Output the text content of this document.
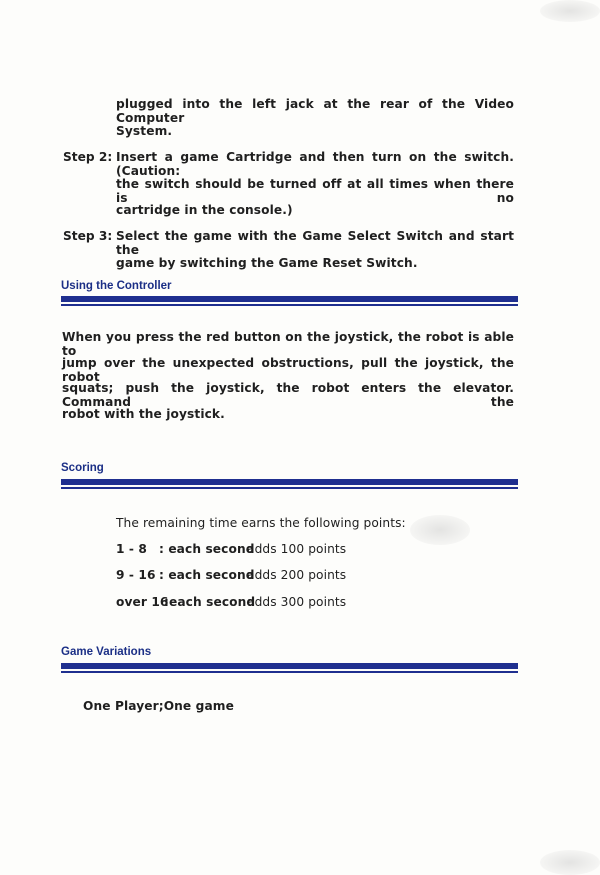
plugged into the left jack at the rear of the Video Computer
System.
Step 2: Insert a game Cartridge and then turn on the switch. (Caution:
the switch should be turned off at all times when there is no
cartridge in the console.)
Step 3: Select the game with the Game Select Switch and start the
game by switching the Game Reset Switch.
Using the Controller
When you press the red button on the joystick, the robot is able to
jump over the unexpected obstructions, pull the joystick, the robot
squats; push the joystick, the robot enters the elevator. Command the
robot with the joystick.
Scoring
The remaining time earns the following points:
1 - 8 : each second
adds 100 points
9 - 16 : each second
adds 200 points
over 16
:each second
adds 300 points
Game Variations
One Player;One game
